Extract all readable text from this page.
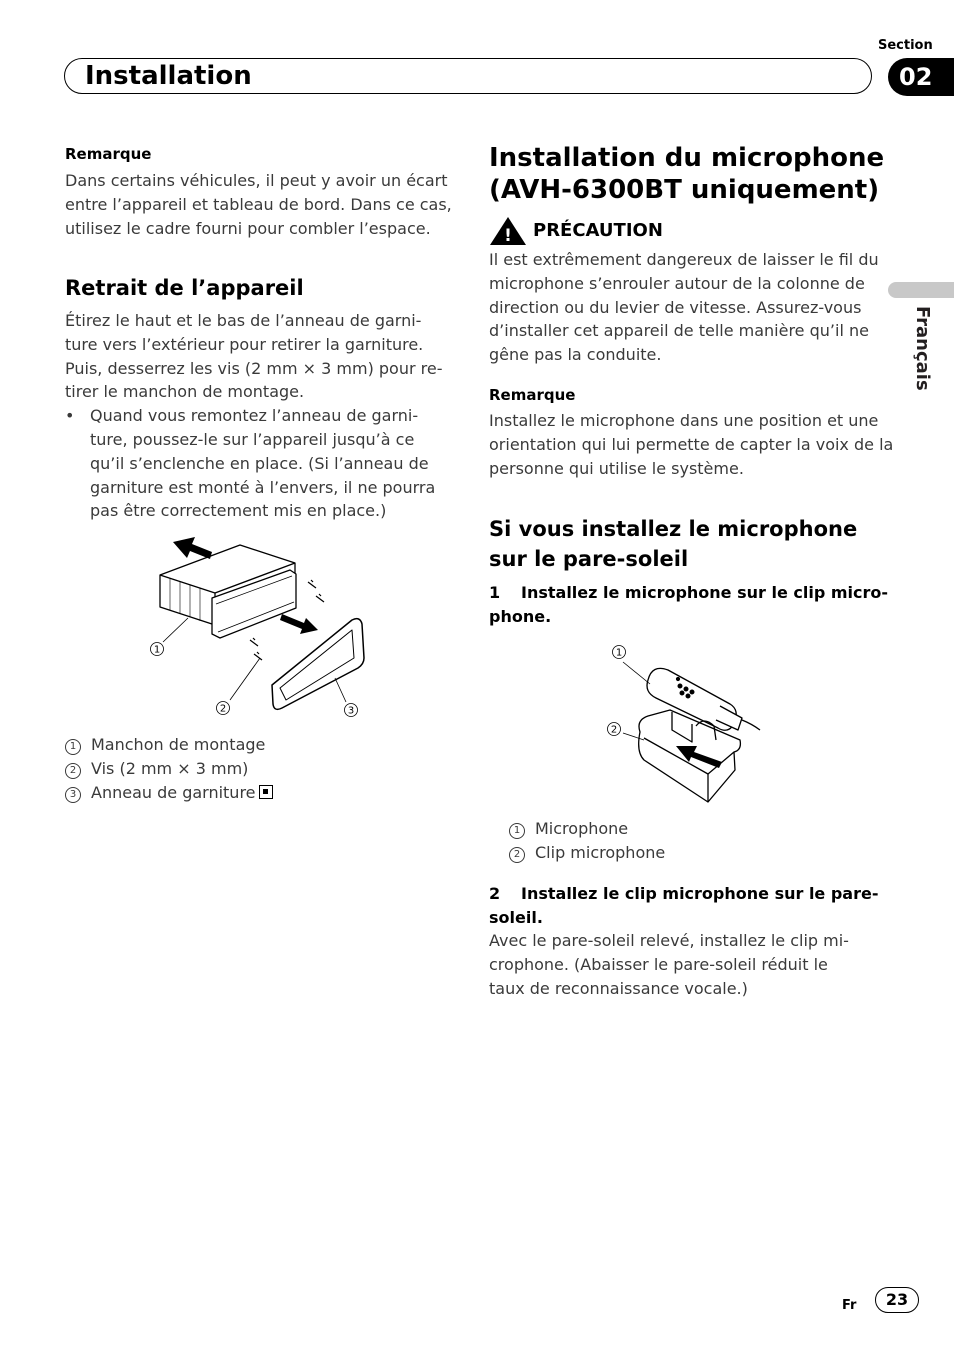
Section
Installation	02
Français
Remarque
Dans certains véhicules, il peut y avoir un écart
entre l’appareil et tableau de bord. Dans ce cas,
utilisez le cadre fourni pour combler l’espace.
Retrait de l’appareil
Étirez le haut et le bas de l’anneau de garni-
ture vers l’extérieur pour retirer la garniture.
Puis, desserrez les vis (2 mm × 3 mm) pour re-
tirer le manchon de montage.
• Quand vous remontez l’anneau de garni-
ture, poussez-le sur l’appareil jusqu’à ce
qu’il s’enclenche en place. (Si l’anneau de
garniture est monté à l’envers, il ne pourra
pas être correctement mis en place.)
1
2	3
1 Manchon de montage
2 Vis (2 mm × 3 mm)
3 Anneau de garniture
Installation du microphone
(AVH-6300BT uniquement)
! PRÉCAUTION
Il est extrêmement dangereux de laisser le fil du
microphone s’enrouler autour de la colonne de
direction ou du levier de vitesse. Assurez-vous
d’installer cet appareil de telle manière qu’il ne
gêne pas la conduite.
Remarque
Installez le microphone dans une position et une
orientation qui lui permette de capter la voix de la
personne qui utilise le système.
Si vous installez le microphone
sur le pare-soleil
1 Installez le microphone sur le clip micro-
phone.
1
2
1 Microphone
2 Clip microphone
2 Installez le clip microphone sur le pare-
soleil.
Avec le pare-soleil relevé, installez le clip mi-
crophone. (Abaisser le pare-soleil réduit le
taux de reconnaissance vocale.)
Fr	23
